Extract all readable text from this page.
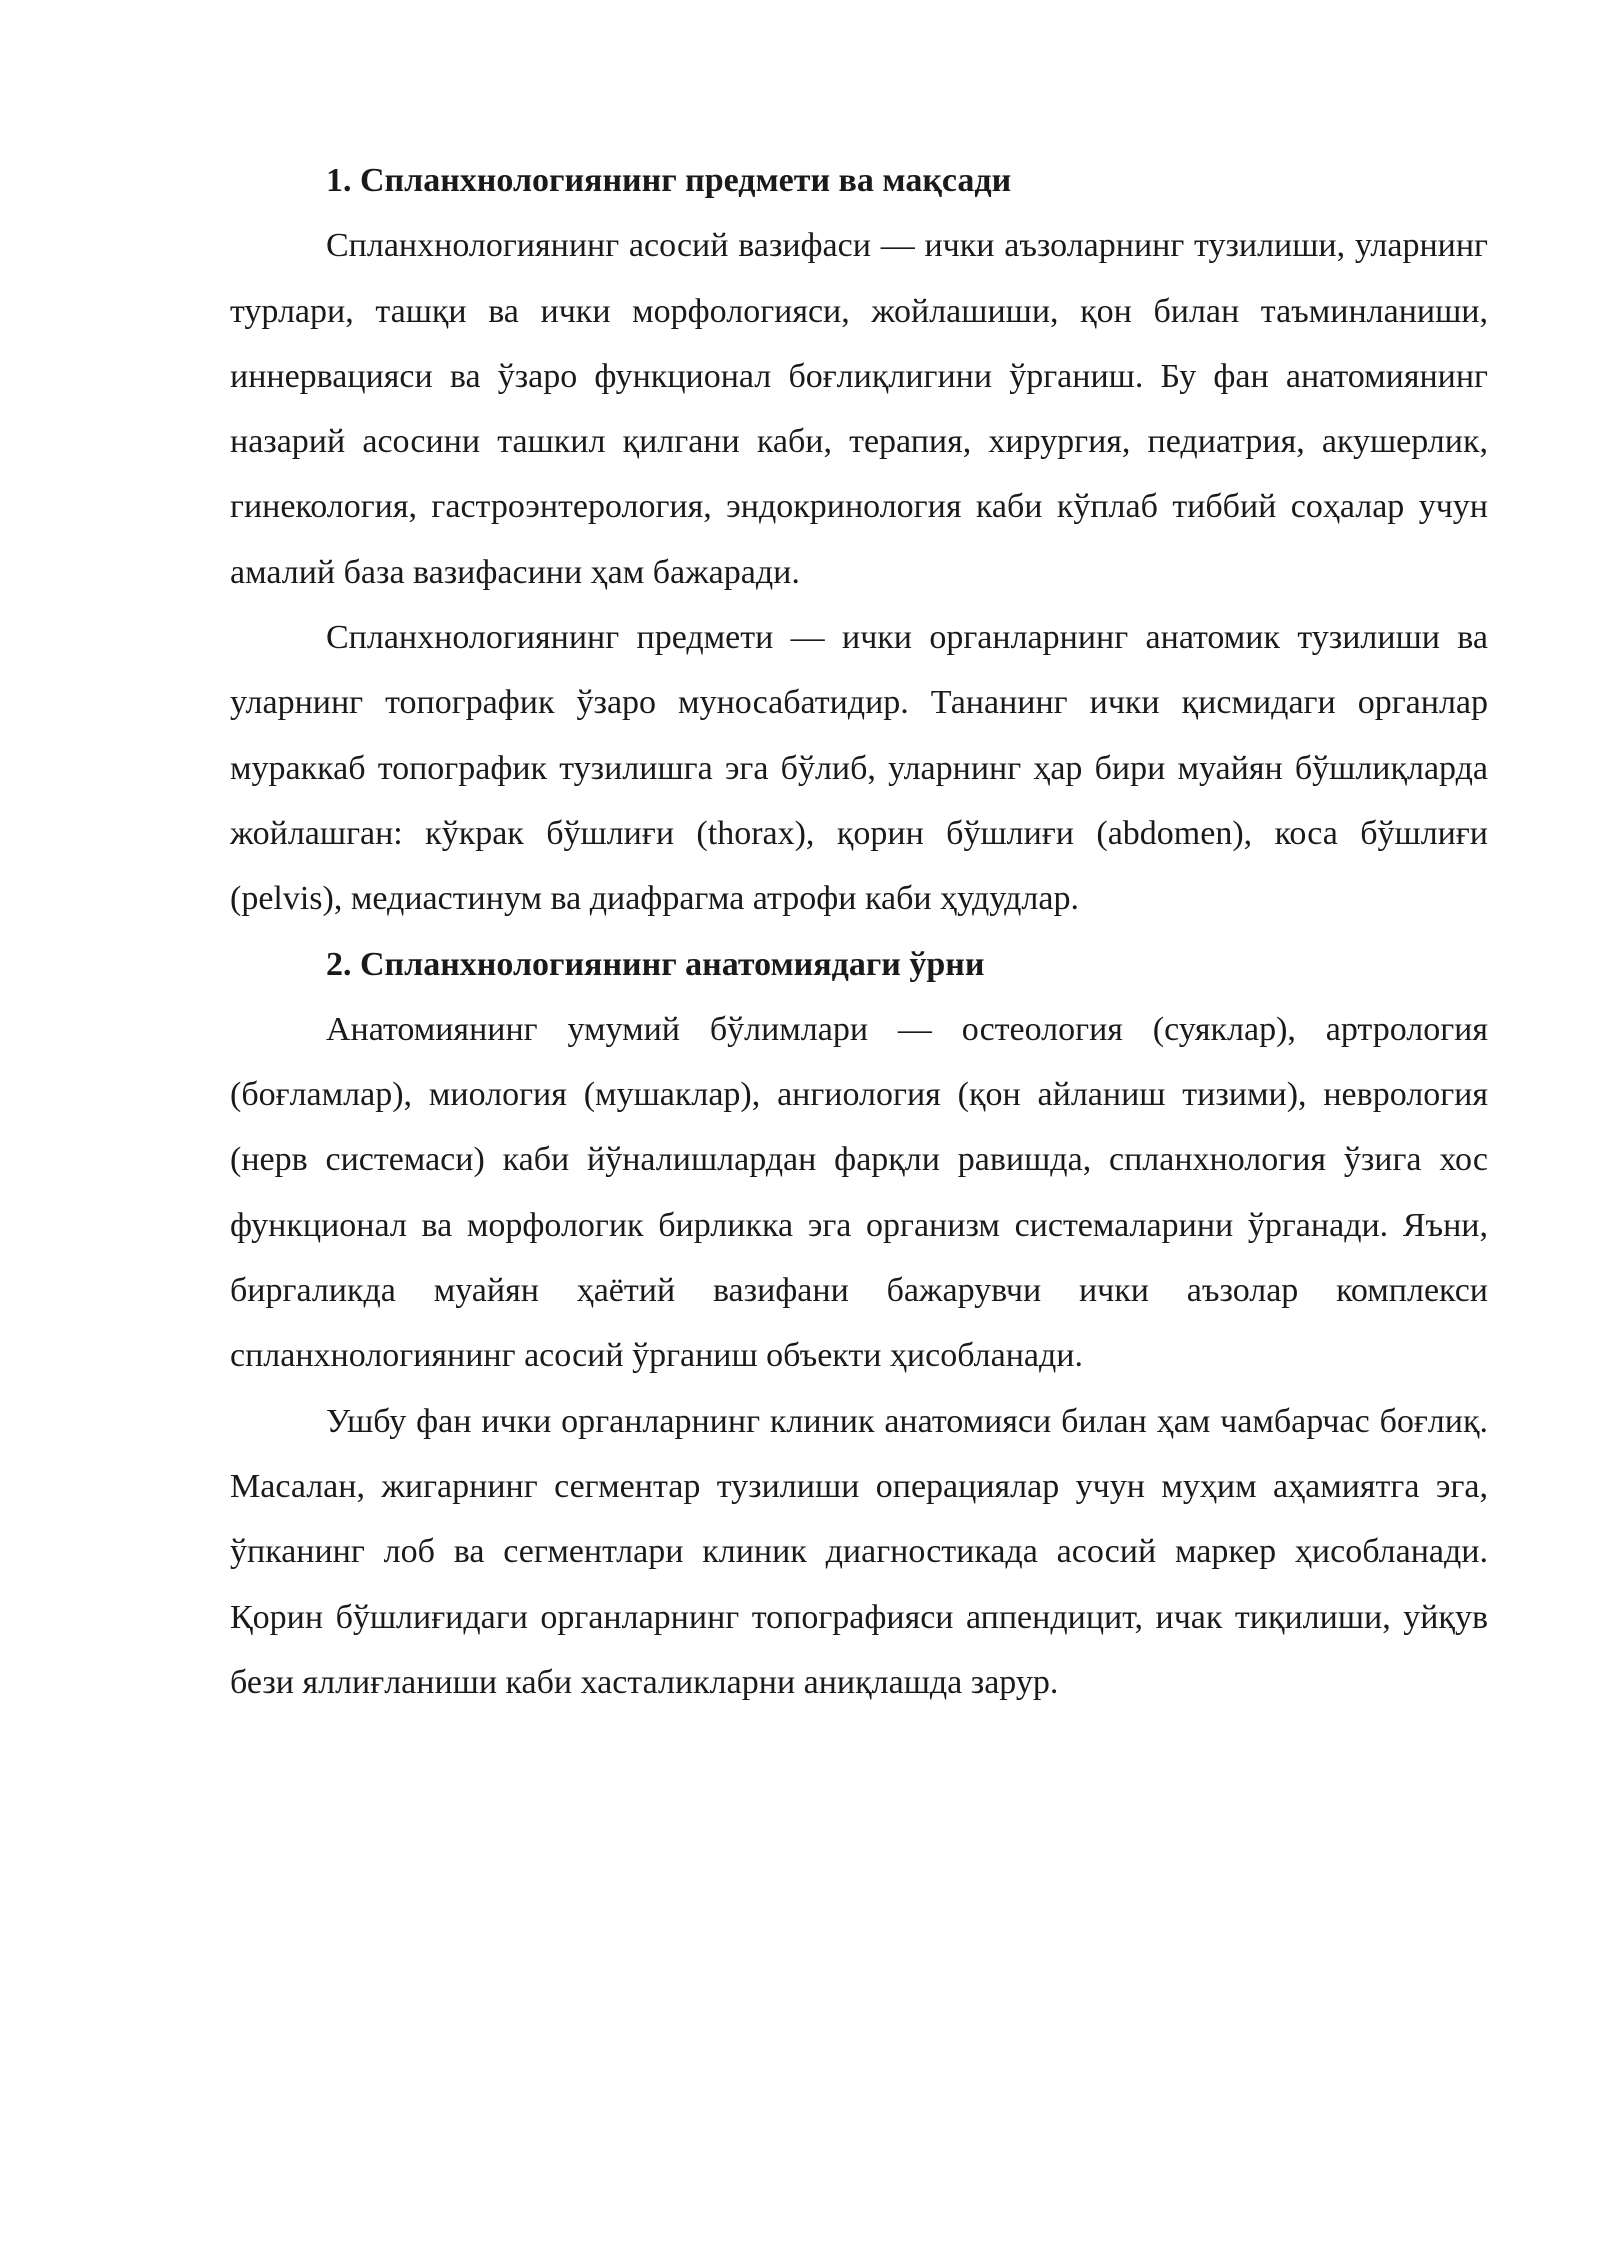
1. Спланхнологиянинг предмети ва мақсади

Спланхнологиянинг асосий вазифаси — ички аъзоларнинг тузилиши, уларнинг турлари, ташқи ва ички морфологияси, жойлашиши, қон билан таъминланиши, иннервацияси ва ўзаро функционал боғлиқлигини ўрганиш. Бу фан анатомиянинг назарий асосини ташкил қилгани каби, терапия, хирургия, педиатрия, акушерлик, гинекология, гастроэнтерология, эндокринология каби кўплаб тиббий соҳалар учун амалий база вазифасини ҳам бажаради.

Спланхнологиянинг предмети — ички органларнинг анатомик тузилиши ва уларнинг топографик ўзаро муносабатидир. Тананинг ички қисмидаги органлар мураккаб топографик тузилишга эга бўлиб, уларнинг ҳар бири муайян бўшлиқларда жойлашган: кўкрак бўшлиғи (thorax), қорин бўшлиғи (abdomen), коса бўшлиғи (pelvis), медиастинум ва диафрагма атрофи каби ҳудудлар.

2. Спланхнологиянинг анатомиядаги ўрни

Анатомиянинг умумий бўлимлари — остеология (суяклар), артрология (боғламлар), миология (мушаклар), ангиология (қон айланиш тизими), неврология (нерв системаси) каби йўналишлардан фарқли равишда, спланхнология ўзига хос функционал ва морфологик бирликка эга организм системаларини ўрганади. Яъни, биргаликда муайян ҳаётий вазифани бажарувчи ички аъзолар комплекси спланхнологиянинг асосий ўрганиш объекти ҳисобланади.

Ушбу фан ички органларнинг клиник анатомияси билан ҳам чамбарчас боғлиқ. Масалан, жигарнинг сегментар тузилиши операциялар учун муҳим аҳамиятга эга, ўпканинг лоб ва сегментлари клиник диагностикада асосий маркер ҳисобланади. Қорин бўшлиғидаги органларнинг топографияси аппендицит, ичак тиқилиши, уйқув бези яллиғланиши каби хасталикларни аниқлашда зарур.
